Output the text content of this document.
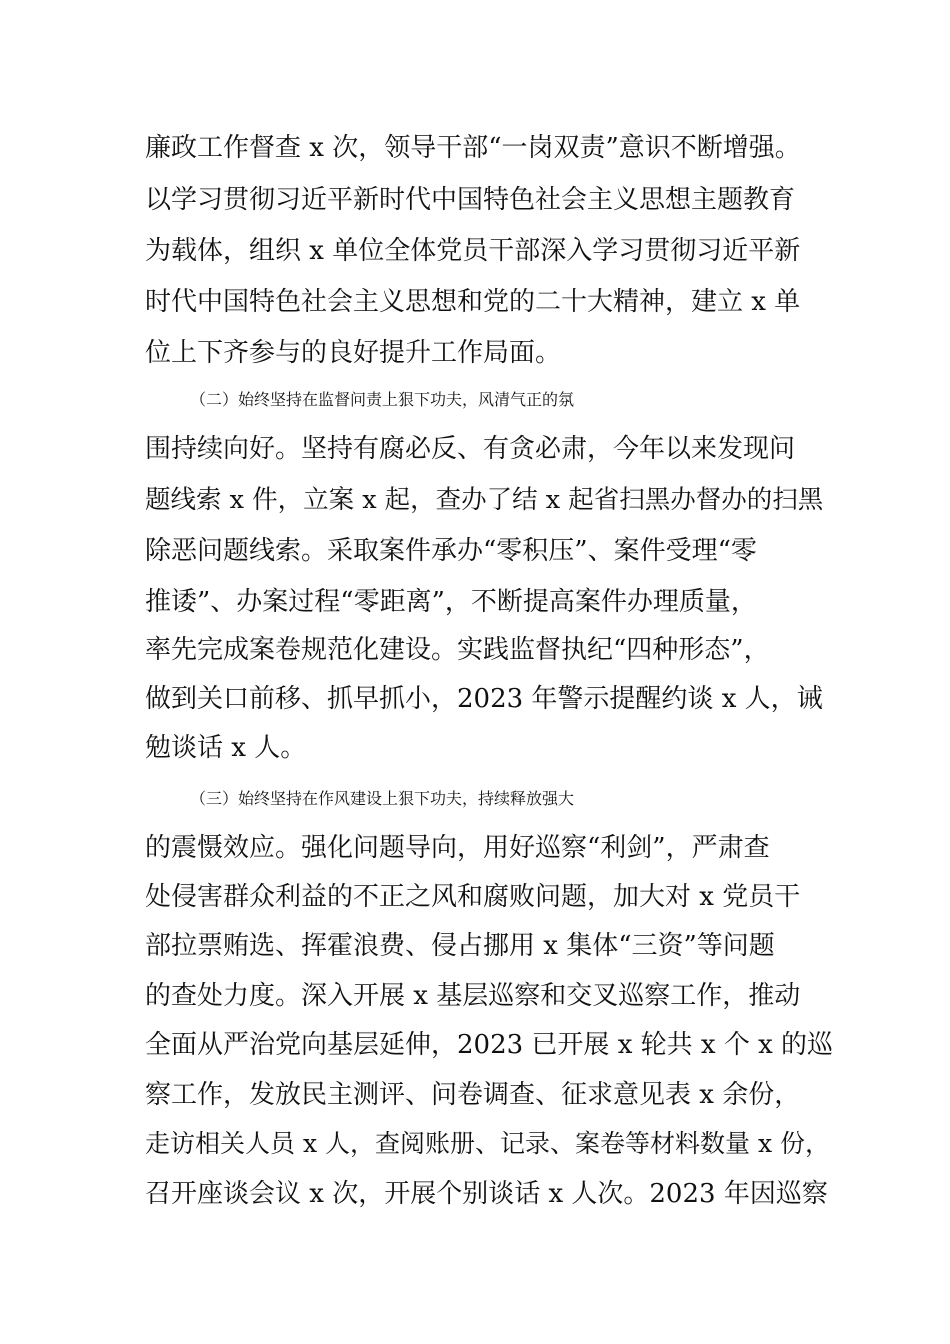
廉政工作督查 x 次，领导干部“一岗双责”意识不断增强。
以学习贯彻习近平新时代中国特色社会主义思想主题教育
为载体，组织 x 单位全体党员干部深入学习贯彻习近平新
时代中国特色社会主义思想和党的二十大精神，建立 x 单
位上下齐参与的良好提升工作局面。
（二）始终坚持在监督问责上狠下功夫，风清气正的氛
围持续向好。坚持有腐必反、有贪必肃，今年以来发现问
题线索 x 件，立案 x 起，查办了结 x 起省扫黑办督办的扫黑
除恶问题线索。采取案件承办“零积压”、案件受理“零
推诿”、办案过程“零距离”，不断提高案件办理质量，
率先完成案卷规范化建设。实践监督执纪“四种形态”，
做到关口前移、抓早抓小，2023 年警示提醒约谈 x 人，诫
勉谈话 x 人。
（三）始终坚持在作风建设上狠下功夫，持续释放强大
的震慑效应。强化问题导向，用好巡察“利剑”，严肃查
处侵害群众利益的不正之风和腐败问题，加大对 x 党员干
部拉票贿选、挥霍浪费、侵占挪用 x 集体“三资”等问题
的查处力度。深入开展 x 基层巡察和交叉巡察工作，推动
全面从严治党向基层延伸，2023 已开展 x 轮共 x 个 x 的巡
察工作，发放民主测评、问卷调查、征求意见表 x 余份，
走访相关人员 x 人，查阅账册、记录、案卷等材料数量 x 份，
召开座谈会议 x 次，开展个别谈话 x 人次。2023 年因巡察
